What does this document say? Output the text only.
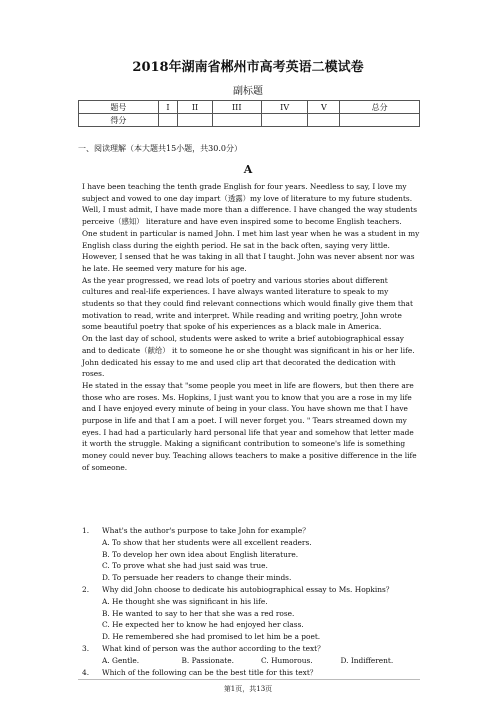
2018年湖南省郴州市高考英语二模试卷
副标题
题号	I	II	III	IV	V	总分
得分						
一、阅读理解（本大题共15小题，共30.0分）
A

I have been teaching the tenth grade English for four years. Needless to say, I love my subject and vowed to one day impart（透露）my love of literature to my future students. Well, I must admit, I have made more than a difference. I have changed the way students perceive（感知） literature and have even inspired some to become English teachers.

One student in particular is named John. I met him last year when he was a student in my English class during the eighth period. He sat in the back often, saying very little. However, I sensed that he was taking in all that I taught. John was never absent nor was he late. He seemed very mature for his age.

As the year progressed, we read lots of poetry and various stories about different cultures and real-life experiences. I have always wanted literature to speak to my students so that they could find relevant connections which would finally give them that motivation to read, write and interpret. While reading and writing poetry, John wrote some beautiful poetry that spoke of his experiences as a black male in America.

On the last day of school, students were asked to write a brief autobiographical essay and to dedicate（献给） it to someone he or she thought was significant in his or her life. John dedicated his essay to me and used clip art that decorated the dedication with roses.

He stated in the essay that "some people you meet in life are flowers, but then there are those who are roses. Ms. Hopkins, I just want you to know that you are a rose in my life and I have enjoyed every minute of being in your class. You have shown me that I have purpose in life and that I am a poet. I will never forget you. " Tears streamed down my eyes. I had had a particularly hard personal life that year and somehow that letter made it worth the struggle. Making a significant contribution to someone's life is something money could never buy. Teaching allows teachers to make a positive difference in the life of someone.

1.	What's the author's purpose to take John for example？
A. To show that her students were all excellent readers.
B. To develop her own idea about English literature.
C. To prove what she had just said was true.
D. To persuade her readers to change their minds.
2.	Why did John choose to dedicate his autobiographical essay to Ms. Hopkins？
A. He thought she was significant in his life.
B. He wanted to say to her that she was a red rose.
C. He expected her to know he had enjoyed her class.
D. He remembered she had promised to let him be a poet.
3.	What kind of person was the author according to the text？
A. Gentle.	B. Passionate.	C. Humorous.	D. Indifferent.
4.	Which of the following can be the best title for this text？
第1页，共13页
